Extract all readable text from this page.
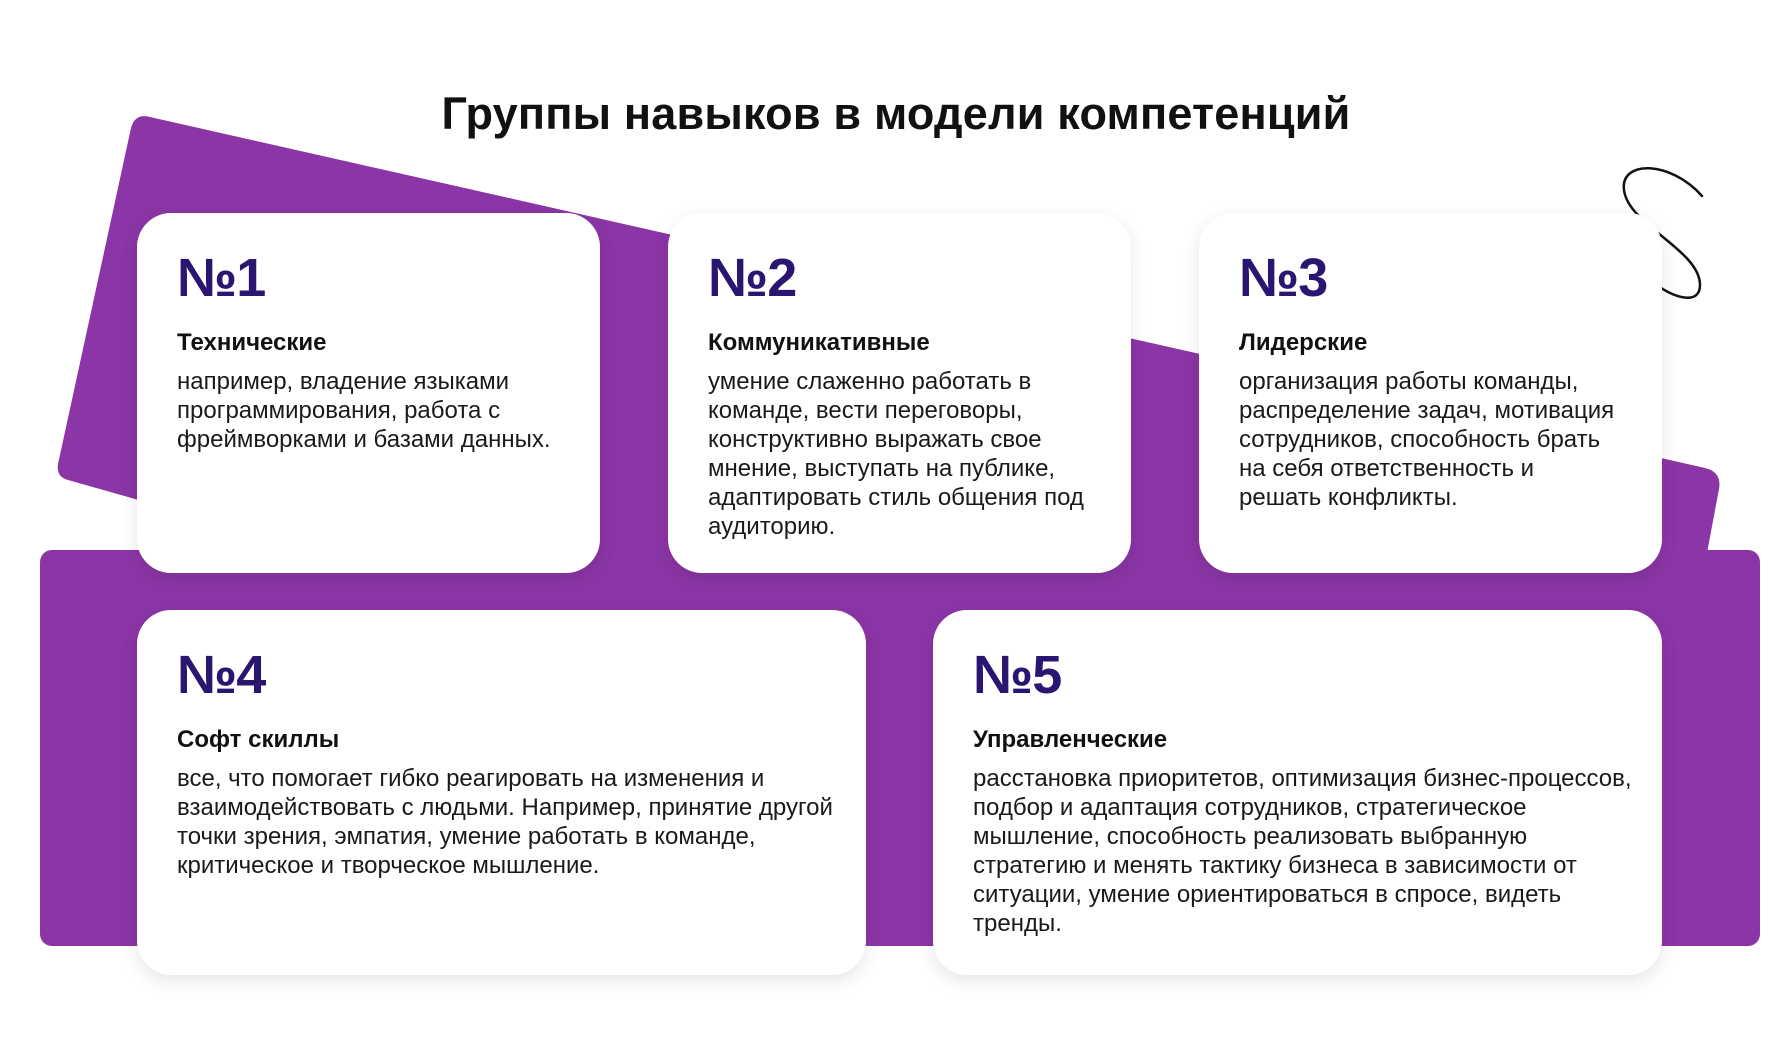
Группы навыков в модели компетенций
№1
Технические

например, владение языками программирования, работа с фреймворками и базами данных.

№2
Коммуникативные

умение слаженно работать в команде, вести переговоры, конструктивно выражать свое мнение, выступать на публике, адаптировать стиль общения под аудиторию.

№3
Лидерские

организация работы команды, распределение задач, мотивация сотрудников, способность брать на себя ответственность и решать конфликты.

№4
Софт скиллы

все, что помогает гибко реагировать на изменения и взаимодействовать с людьми. Например, принятие другой точки зрения, эмпатия, умение работать в команде, критическое и творческое мышление.

№5
Управленческие

расстановка приоритетов, оптимизация бизнес-процессов, подбор и адаптация сотрудников, стратегическое мышление, способность реализовать выбранную стратегию и менять тактику бизнеса в зависимости от ситуации, умение ориентироваться в спросе, видеть тренды.
